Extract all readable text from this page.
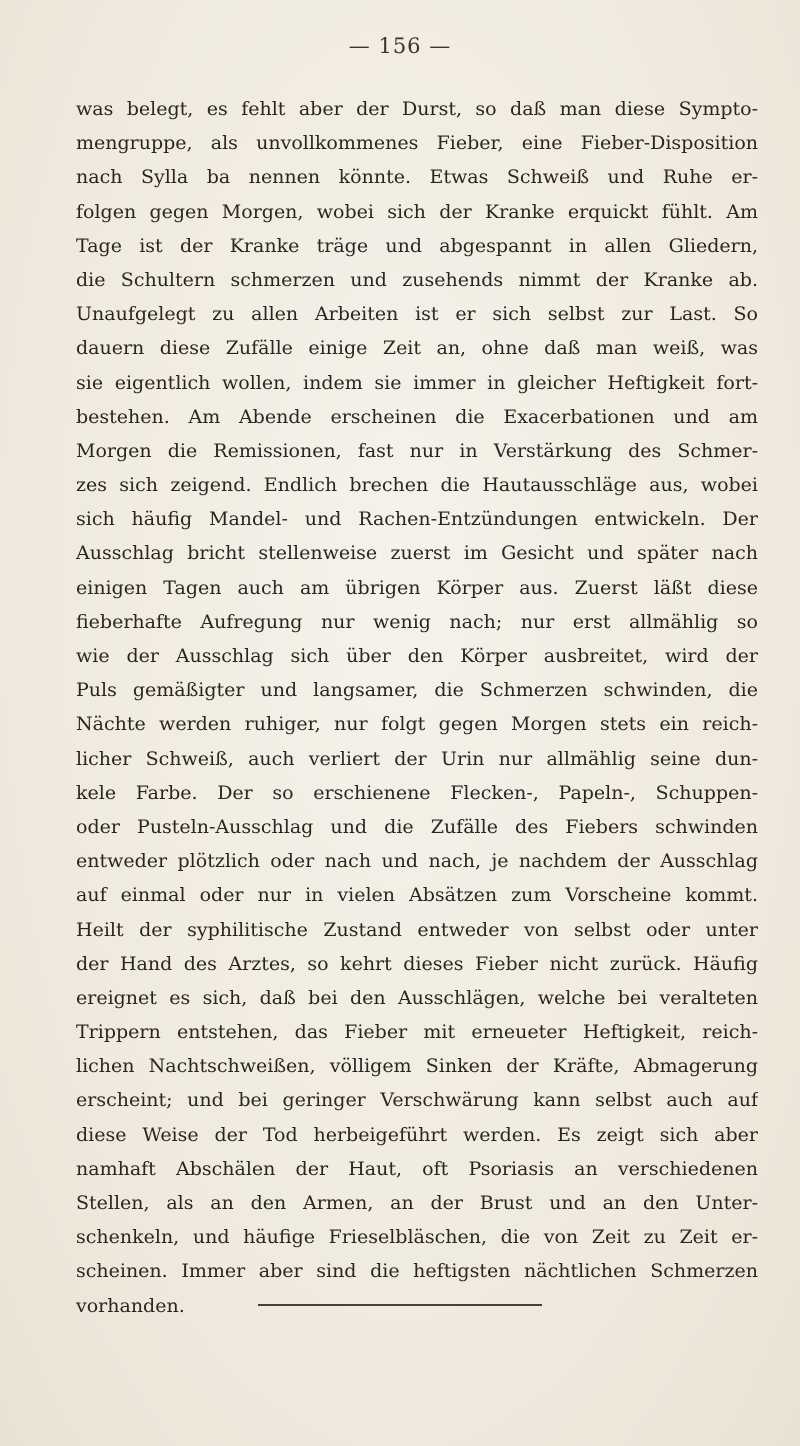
— 156 —
was belegt, es fehlt aber der Durst, so daß man diese Sympto-
mengruppe, als unvollkommenes Fieber, eine Fieber-Disposition
nach Sylla ba nennen könnte. Etwas Schweiß und Ruhe er-
folgen gegen Morgen, wobei sich der Kranke erquickt fühlt. Am
Tage ist der Kranke träge und abgespannt in allen Gliedern,
die Schultern schmerzen und zusehends nimmt der Kranke ab.
Unaufgelegt zu allen Arbeiten ist er sich selbst zur Last. So
dauern diese Zufälle einige Zeit an, ohne daß man weiß, was
sie eigentlich wollen, indem sie immer in gleicher Heftigkeit fort-
bestehen. Am Abende erscheinen die Exacerbationen und am
Morgen die Remissionen, fast nur in Verstärkung des Schmer-
zes sich zeigend. Endlich brechen die Hautausschläge aus, wobei
sich häufig Mandel- und Rachen-Entzündungen entwickeln. Der
Ausschlag bricht stellenweise zuerst im Gesicht und später nach
einigen Tagen auch am übrigen Körper aus. Zuerst läßt diese
fieberhafte Aufregung nur wenig nach; nur erst allmählig so
wie der Ausschlag sich über den Körper ausbreitet, wird der
Puls gemäßigter und langsamer, die Schmerzen schwinden, die
Nächte werden ruhiger, nur folgt gegen Morgen stets ein reich-
licher Schweiß, auch verliert der Urin nur allmählig seine dun-
kele Farbe. Der so erschienene Flecken-, Papeln-, Schuppen-
oder Pusteln-Ausschlag und die Zufälle des Fiebers schwinden
entweder plötzlich oder nach und nach, je nachdem der Ausschlag
auf einmal oder nur in vielen Absätzen zum Vorscheine kommt.
Heilt der syphilitische Zustand entweder von selbst oder unter
der Hand des Arztes, so kehrt dieses Fieber nicht zurück. Häufig
ereignet es sich, daß bei den Ausschlägen, welche bei veralteten
Trippern entstehen, das Fieber mit erneueter Heftigkeit, reich-
lichen Nachtschweißen, völligem Sinken der Kräfte, Abmagerung
erscheint; und bei geringer Verschwärung kann selbst auch auf
diese Weise der Tod herbeigeführt werden. Es zeigt sich aber
namhaft Abschälen der Haut, oft Psoriasis an verschiedenen
Stellen, als an den Armen, an der Brust und an den Unter-
schenkeln, und häufige Frieselbläschen, die von Zeit zu Zeit er-
scheinen. Immer aber sind die heftigsten nächtlichen Schmerzen
vorhanden.
